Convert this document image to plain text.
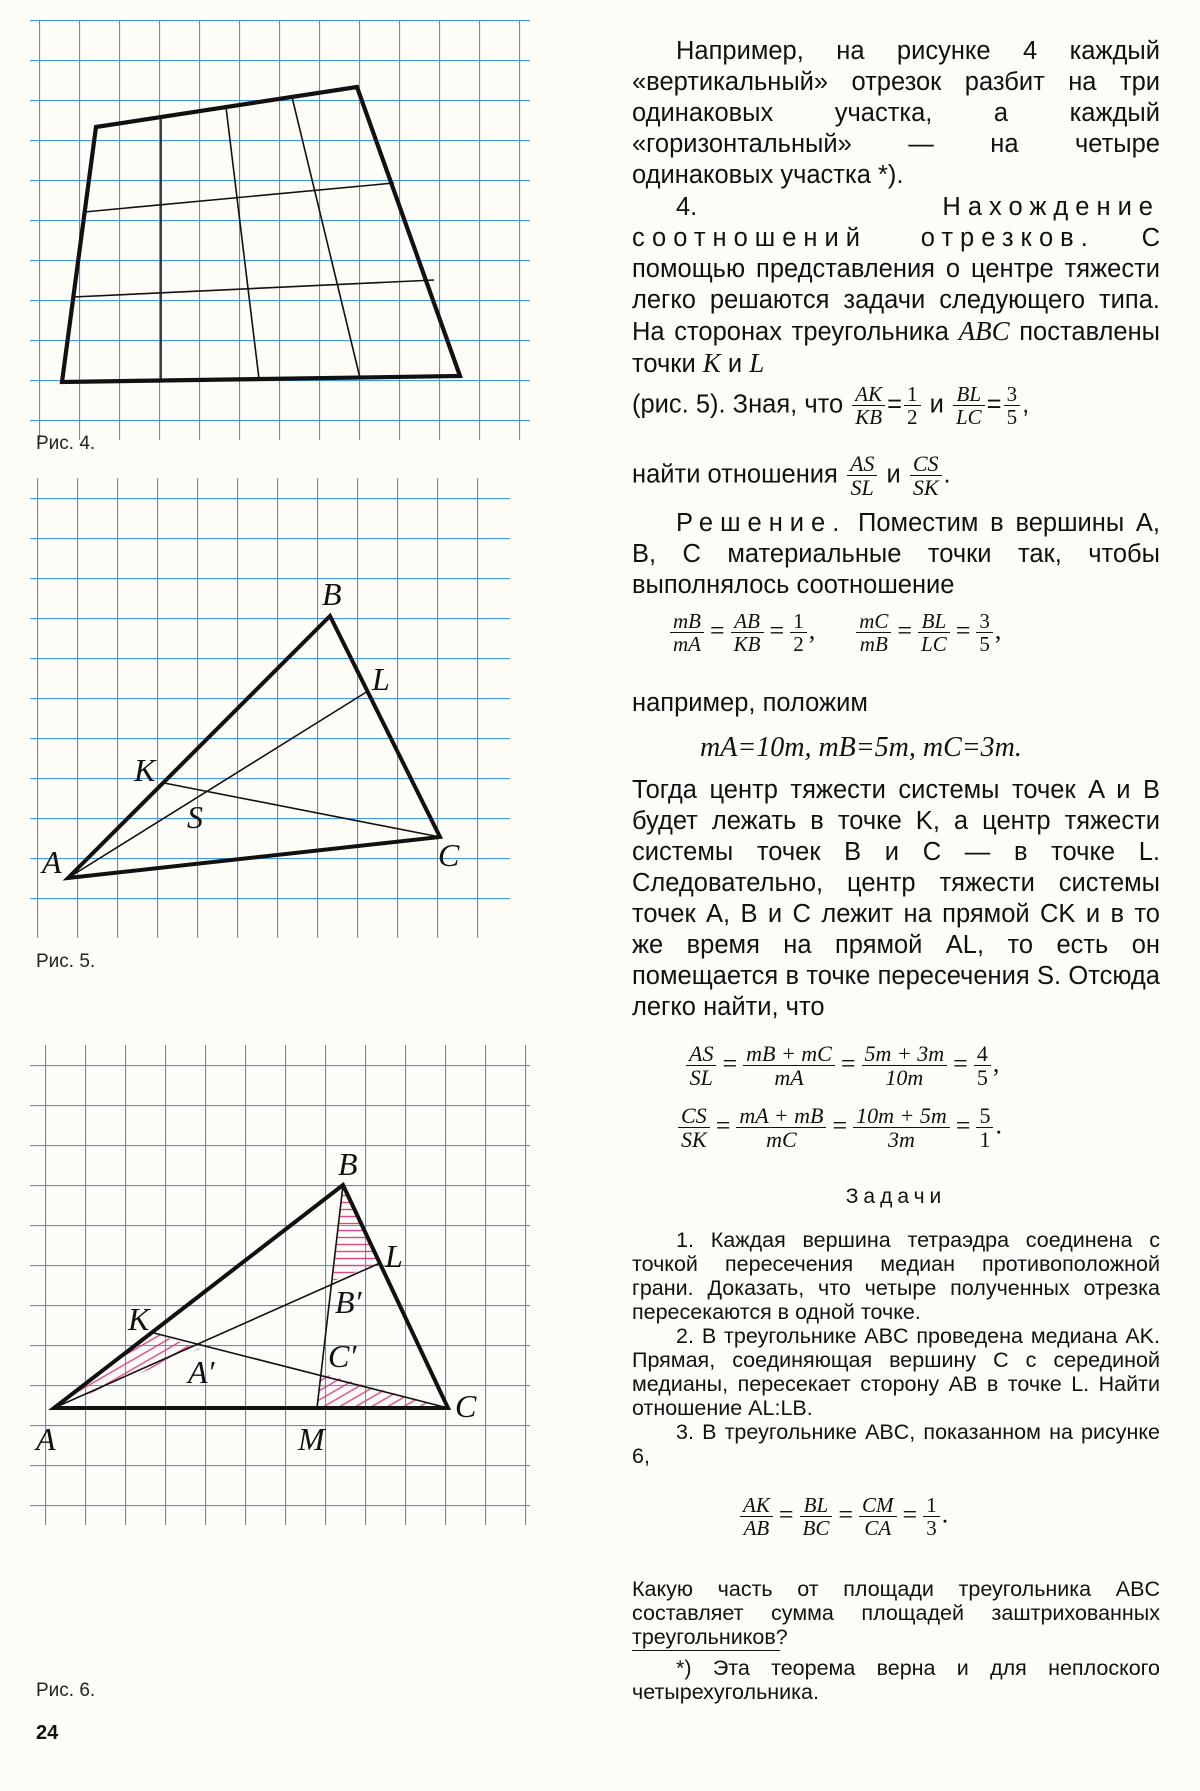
Рис. 4.
A
B
C
K
L
S
Рис. 5.
A
B
C
K
L
M
A′
B′
C′
Рис. 6.
24

Например, на рисунке 4 каждый «вертикальный» отрезок разбит на три одинаковых участка, а каждый «горизонтальный» — на четыре одинаковых участка *).

4. Нахождение соотношений отрезков. С помощью представления о центре тяжести легко решаются задачи следующего типа. На сторонах треугольника ABC поставлены точки K и L

(рис. 5). Зная, что $\frac{AK}{KB} = \frac{1}{2}$ и $\frac{BL}{LC} = \frac{3}{5}$ ,
найти отношения $\frac{AS}{SL}$ и $\frac{CS}{SK}$ .

Решение. Поместим в вершины A, B, C материальные точки так, чтобы выполнялось соотношение

$\frac{mB}{mA} = \frac{AB}{KB} = \frac{1}{2}$ , $\frac{mC}{mB} = \frac{BL}{LC} = \frac{3}{5}$ ,
например, положим
mA=10m, mB=5m, mC=3m.

Тогда центр тяжести системы точек A и B будет лежать в точке K, а центр тяжести системы точек B и C — в точке L. Следовательно, центр тяжести системы точек A, B и C лежит на прямой CK и в то же время на прямой AL, то есть он помещается в точке пересечения S. Отсюда легко найти, что

$\frac{AS}{SL} = \frac{mB + mC}{mA} = \frac{5m + 3m}{10m} = \frac{4}{5}$ ,
$\frac{CS}{SK} = \frac{mA + mB}{mC} = \frac{10m + 5m}{3m} = \frac{5}{1}$ .
Задачи

1. Каждая вершина тетраэдра соединена с точкой пересечения медиан противоположной грани. Доказать, что четыре полученных отрезка пересекаются в одной точке.

2. В треугольнике ABC проведена медиана AK. Прямая, соединяющая вершину C с серединой медианы, пересекает сторону AB в точке L. Найти отношение AL:LB.

3. В треугольнике ABC, показанном на рисунке 6,

$\frac{AK}{AB} = \frac{BL}{BC} = \frac{CM}{CA} = \frac{1}{3}$ .

Какую часть от площади треугольника ABC составляет сумма площадей заштрихованных треугольников?

*) Эта теорема верна и для неплоского четырехугольника.
